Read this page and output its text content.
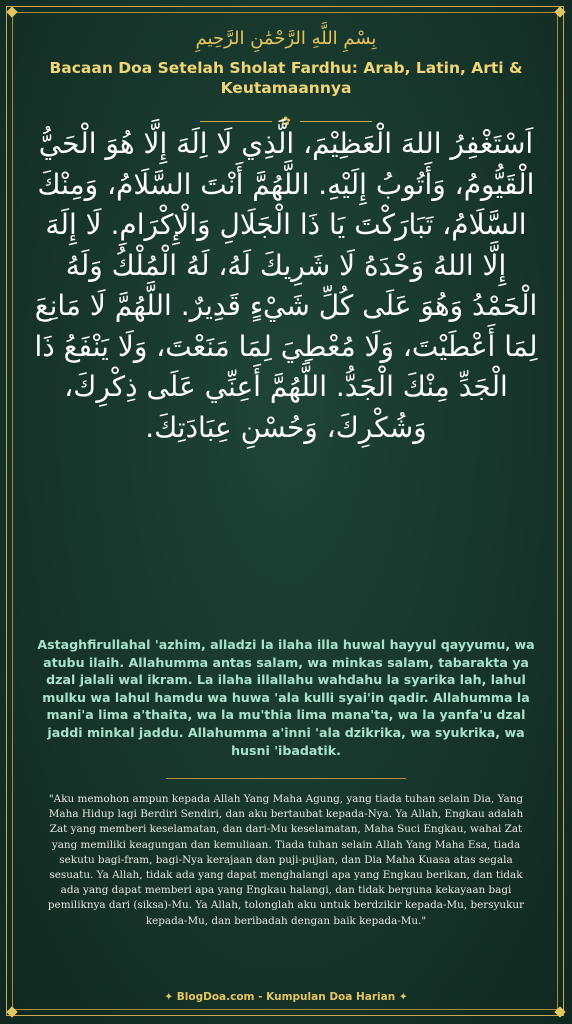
بِسْمِ اللَّهِ الرَّحْمَٰنِ الرَّحِيمِ
Bacaan Doa Setelah Sholat Fardhu: Arab, Latin, Arti & Keutamaannya
✿
اَسْتَغْفِرُ اللهَ الْعَظِيْمَ، الَّذِي لَا اِلَهَ إِلَّا هُوَ الْحَيُّ الْقَيُّومُ، وَأَتُوبُ إِلَيْهِ. اللَّهُمَّ أَنْتَ السَّلَامُ، وَمِنْكَ السَّلَامُ، تَبَارَكْتَ يَا ذَا الْجَلَالِ وَالْإِكْرَامِ. لَا إِلَهَ إِلَّا اللهُ وَحْدَهُ لَا شَرِيكَ لَهُ، لَهُ الْمُلْكُ وَلَهُ الْحَمْدُ وَهُوَ عَلَى كُلِّ شَيْءٍ قَدِيرٌ. اللَّهُمَّ لَا مَانِعَ لِمَا أَعْطَيْتَ، وَلَا مُعْطِيَ لِمَا مَنَعْتَ، وَلَا يَنْفَعُ ذَا الْجَدِّ مِنْكَ الْجَدُّ. اللَّهُمَّ أَعِنِّي عَلَى ذِكْرِكَ، وَشُكْرِكَ، وَحُسْنِ عِبَادَتِكَ.
Astaghfirullahal 'azhim, alladzi la ilaha illa huwal hayyul qayyumu, wa atubu ilaih. Allahumma antas salam, wa minkas salam, tabarakta ya dzal jalali wal ikram. La ilaha illallahu wahdahu la syarika lah, lahul mulku wa lahul hamdu wa huwa 'ala kulli syai'in qadir. Allahumma la mani'a lima a'thaita, wa la mu'thia lima mana'ta, wa la yanfa'u dzal jaddi minkal jaddu. Allahumma a'inni 'ala dzikrika, wa syukrika, wa husni 'ibadatik.
"Aku memohon ampun kepada Allah Yang Maha Agung, yang tiada tuhan selain Dia, Yang Maha Hidup lagi Berdiri Sendiri, dan aku bertaubat kepada-Nya. Ya Allah, Engkau adalah Zat yang memberi keselamatan, dan dari-Mu keselamatan, Maha Suci Engkau, wahai Zat yang memiliki keagungan dan kemuliaan. Tiada tuhan selain Allah Yang Maha Esa, tiada sekutu bagi-fram, bagi-Nya kerajaan dan puji-pujian, dan Dia Maha Kuasa atas segala sesuatu. Ya Allah, tidak ada yang dapat menghalangi apa yang Engkau berikan, dan tidak ada yang dapat memberi apa yang Engkau halangi, dan tidak berguna kekayaan bagi pemiliknya dari (siksa)-Mu. Ya Allah, tolonglah aku untuk berdzikir kepada-Mu, bersyukur kepada-Mu, dan beribadah dengan baik kepada-Mu."
✦ BlogDoa.com - Kumpulan Doa Harian ✦
